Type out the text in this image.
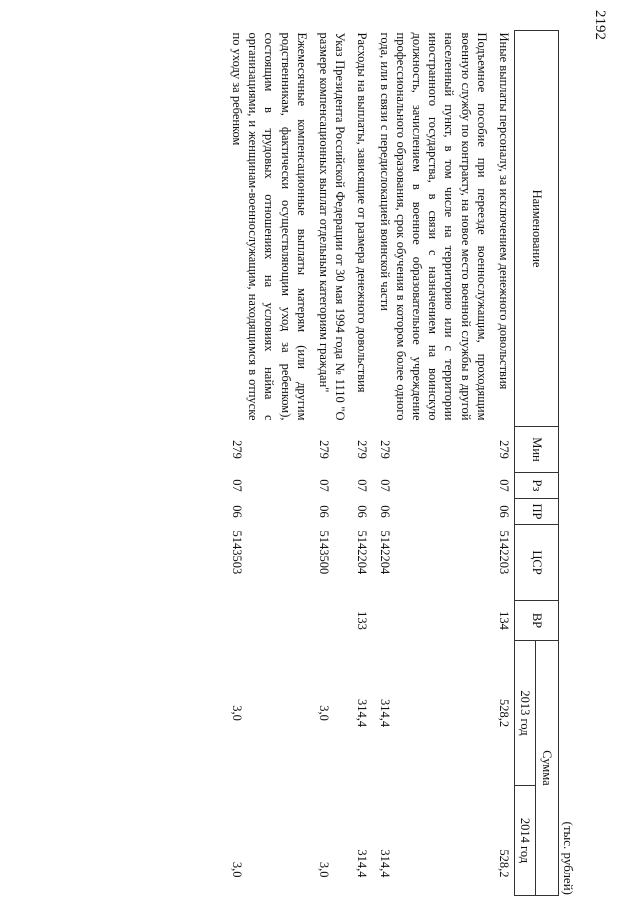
2192
(тыс. рублей)
Наименование	Мин	Рз	ПР	ЦСР	ВР	Сумма	
						2013 год	2014 год
Иные выплаты персоналу, за исключением денежного довольствия	279	07	06	5142203	134	528,2	528,2
Подъемное пособие при переезде военнослужащим, проходящим военную службу по контракту, на новое место военной службы в другой населенный пункт, в том числе на территорию или с территории иностранного государства, в связи с назначением на воинскую должность, зачислением в военное образовательное учреждение профессионального образования, срок обучения в котором более одного года, или в связи с передислокацией воинской части	279	07	06	5142204		314,4	314,4
Расходы на выплаты, зависящие от размера денежного довольствия	279	07	06	5142204	133	314,4	314,4
Указ Президента Российской Федерации от 30 мая 1994 года № 1110 "О размере компенсационных выплат отдельным категориям граждан"	279	07	06	5143500		3,0	3,0
Ежемесячные компенсационные выплаты матерям (или другим родственникам, фактически осуществляющим уход за ребенком), состоящим в трудовых отношениях на условиях найма с организациями, и женщинам-военнослужащим, находящимся в отпуске по уходу за ребенком	279	07	06	5143503		3,0	3,0
